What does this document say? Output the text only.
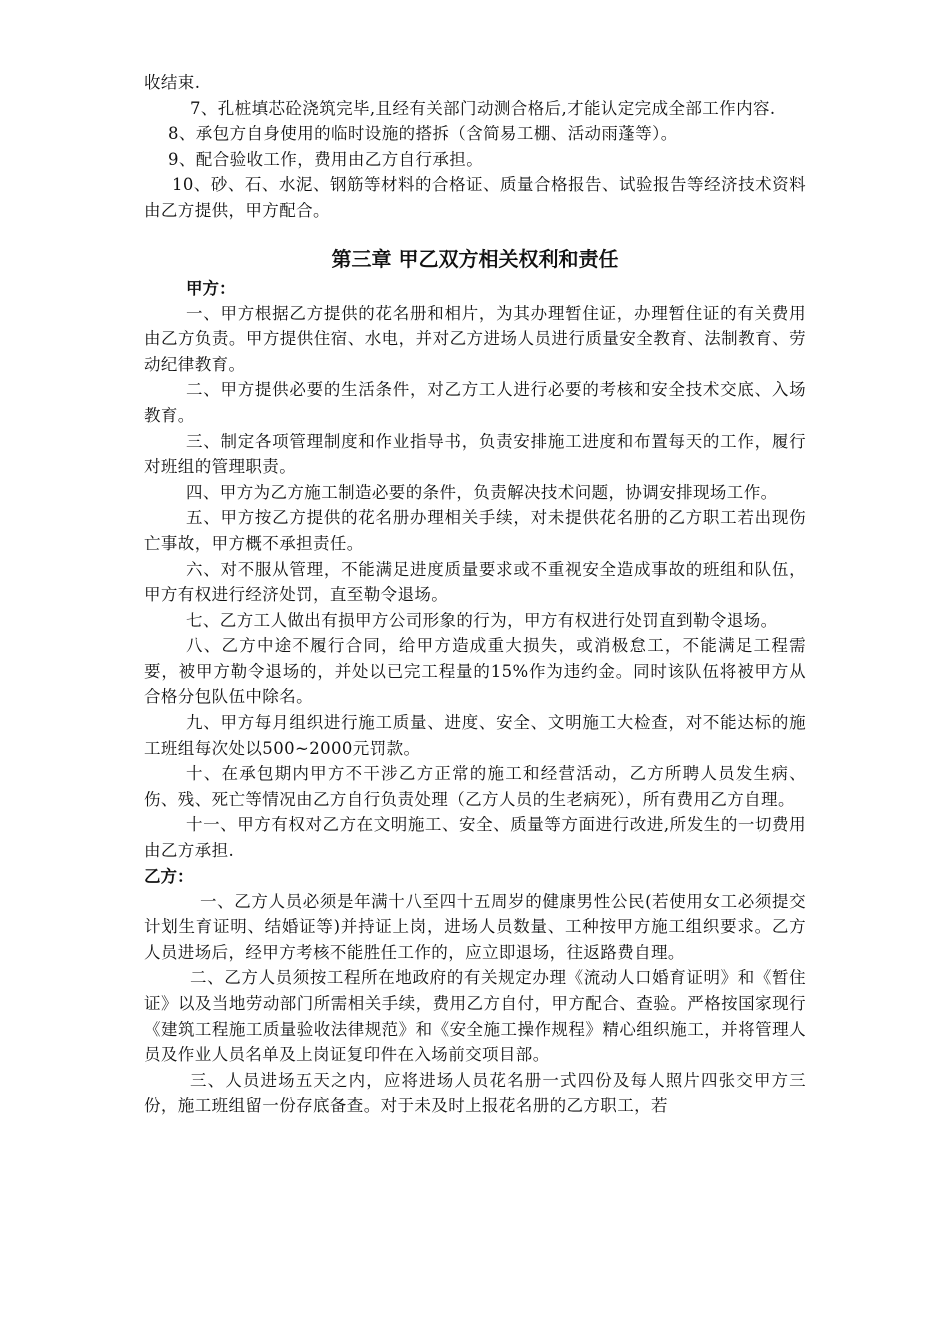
收结束.

7、孔桩填芯砼浇筑完毕,且经有关部门动测合格后,才能认定完成全部工作内容.

8、承包方自身使用的临时设施的搭拆（含简易工棚、活动雨蓬等）。

9、配合验收工作，费用由乙方自行承担。

10、砂、石、水泥、钢筋等材料的合格证、质量合格报告、试验报告等经济技术资料由乙方提供，甲方配合。

第三章 甲乙双方相关权利和责任

甲方：

一、甲方根据乙方提供的花名册和相片，为其办理暂住证，办理暂住证的有关费用由乙方负责。甲方提供住宿、水电，并对乙方进场人员进行质量安全教育、法制教育、劳动纪律教育。

二、甲方提供必要的生活条件，对乙方工人进行必要的考核和安全技术交底、入场教育。

三、制定各项管理制度和作业指导书，负责安排施工进度和布置每天的工作，履行对班组的管理职责。

四、甲方为乙方施工制造必要的条件，负责解决技术问题，协调安排现场工作。

五、甲方按乙方提供的花名册办理相关手续，对未提供花名册的乙方职工若出现伤亡事故，甲方概不承担责任。

六、对不服从管理，不能满足进度质量要求或不重视安全造成事故的班组和队伍，甲方有权进行经济处罚，直至勒令退场。

七、乙方工人做出有损甲方公司形象的行为，甲方有权进行处罚直到勒令退场。

八、乙方中途不履行合同，给甲方造成重大损失，或消极怠工，不能满足工程需要，被甲方勒令退场的，并处以已完工程量的15%作为违约金。同时该队伍将被甲方从合格分包队伍中除名。

九、甲方每月组织进行施工质量、进度、安全、文明施工大检查，对不能达标的施工班组每次处以500~2000元罚款。

十、在承包期内甲方不干涉乙方正常的施工和经营活动，乙方所聘人员发生病、伤、残、死亡等情况由乙方自行负责处理（乙方人员的生老病死），所有费用乙方自理。

十一、甲方有权对乙方在文明施工、安全、质量等方面进行改进,所发生的一切费用由乙方承担.

乙方：

一、乙方人员必须是年满十八至四十五周岁的健康男性公民(若使用女工必须提交计划生育证明、结婚证等)并持证上岗，进场人员数量、工种按甲方施工组织要求。乙方人员进场后，经甲方考核不能胜任工作的，应立即退场，往返路费自理。

二、乙方人员须按工程所在地政府的有关规定办理《流动人口婚育证明》和《暂住证》以及当地劳动部门所需相关手续，费用乙方自付，甲方配合、查验。严格按国家现行《建筑工程施工质量验收法律规范》和《安全施工操作规程》精心组织施工，并将管理人员及作业人员名单及上岗证复印件在入场前交项目部。

三、人员进场五天之内，应将进场人员花名册一式四份及每人照片四张交甲方三份，施工班组留一份存底备查。对于未及时上报花名册的乙方职工，若
